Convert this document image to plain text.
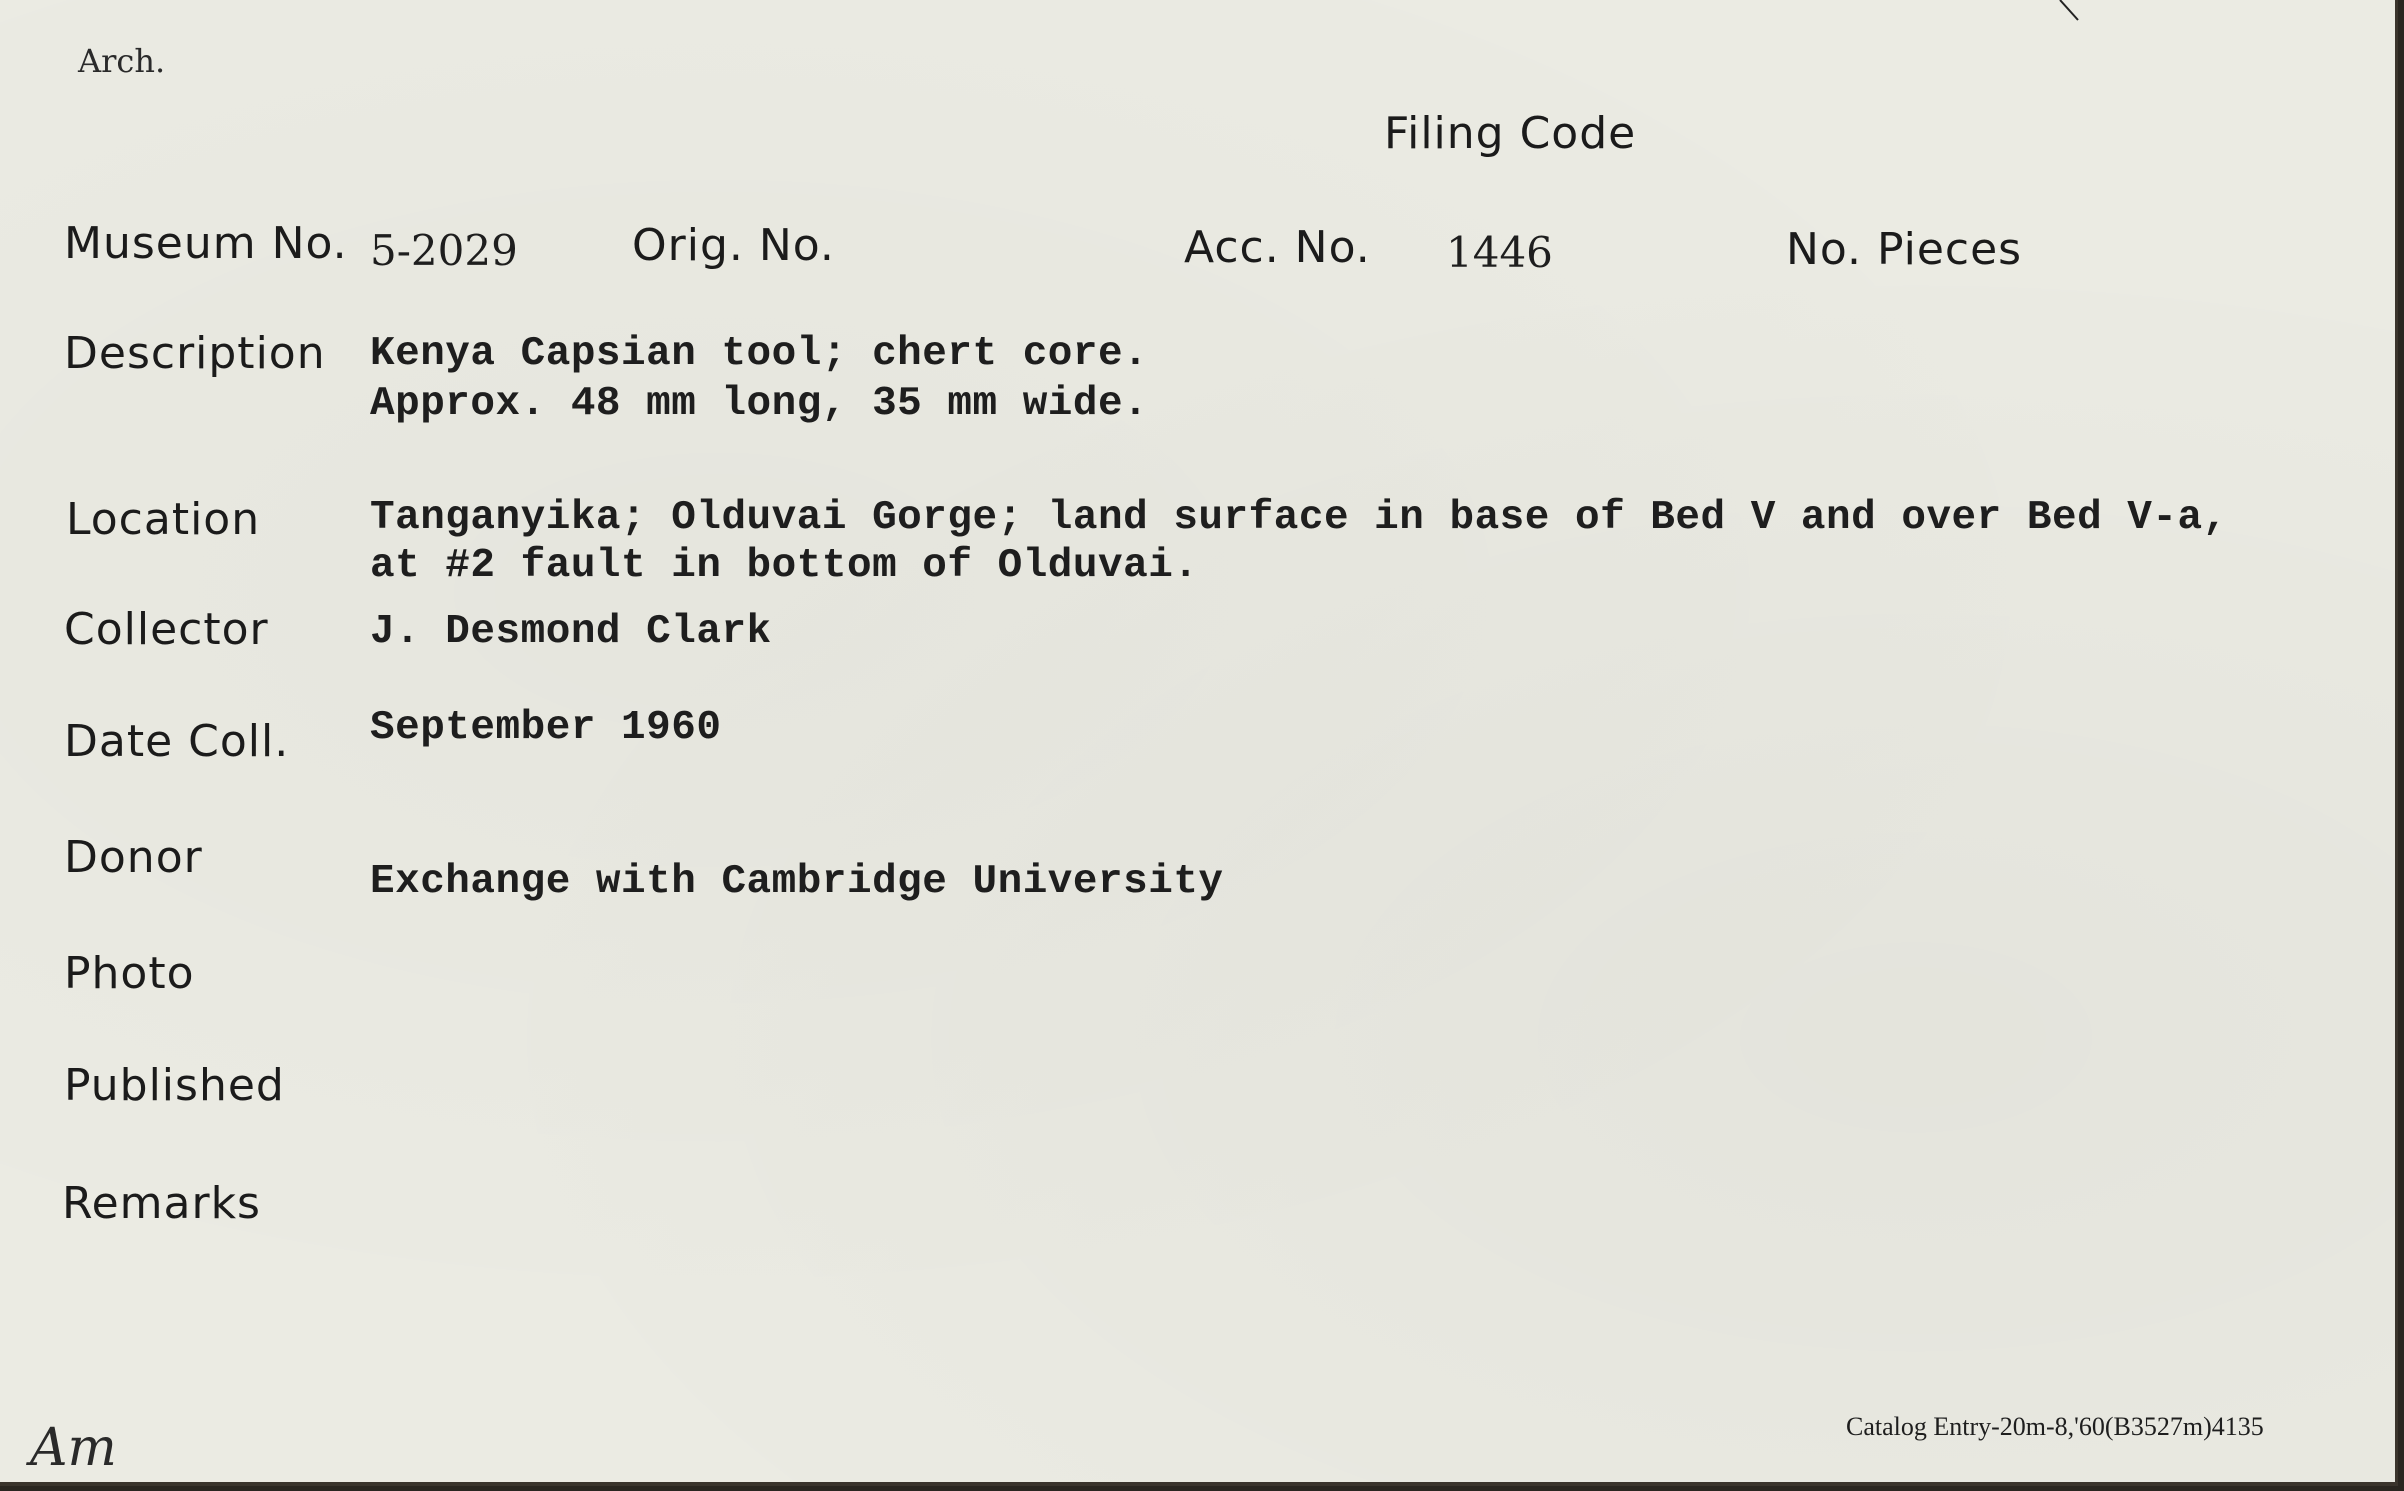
Arch.
Filing Code
Museum No. 5-2029	Orig. No.	Acc. No. 1446	No. Pieces
Description Kenya Capsian tool; chert core.
Approx. 48 mm long, 35 mm wide.
Location	Tanganyika; Olduvai Gorge; land surface in base of Bed V and over Bed V-a,
at #2 fault in bottom of Olduvai.
Collector J. Desmond Clark
Date Coll. September 1960
Donor	Exchange with Cambridge University
Photo
Published
Remarks
Am	Catalog Entry-20m-8,'60(B3527m)4135
